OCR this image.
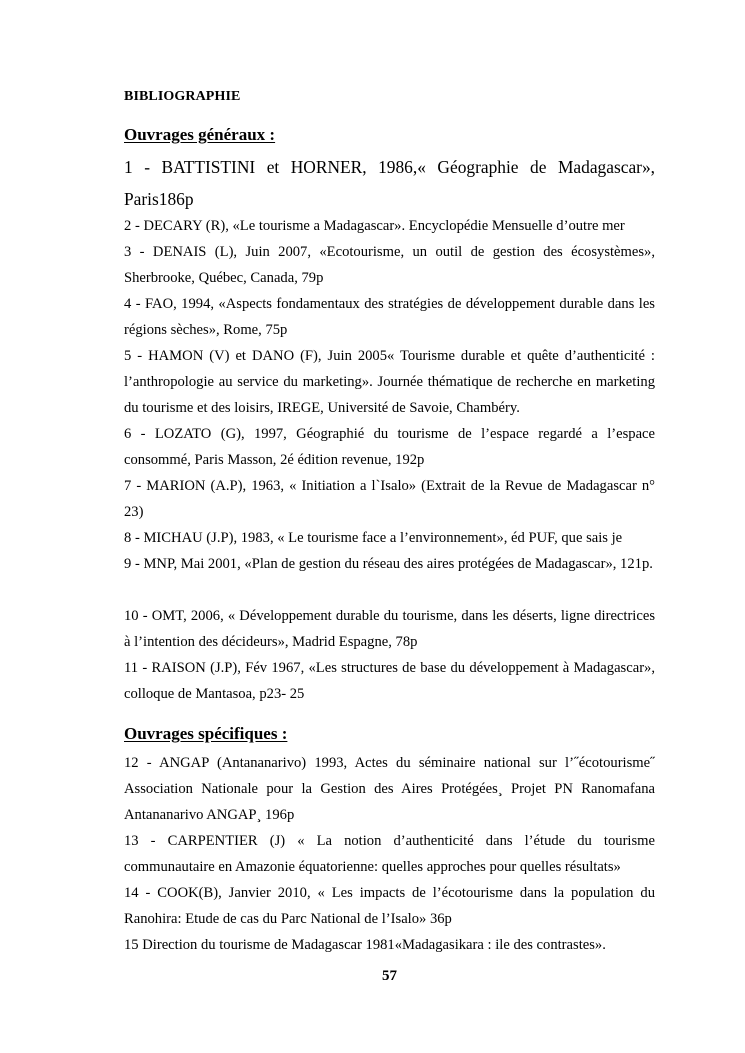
BIBLIOGRAPHIE
Ouvrages généraux :
1 - BATTISTINI et HORNER, 1986,« Géographie de Madagascar», Paris186p
2 - DECARY (R), «Le tourisme a Madagascar». Encyclopédie Mensuelle d’outre mer
3 - DENAIS (L), Juin 2007, «Ecotourisme, un outil de gestion des écosystèmes», Sherbrooke, Québec, Canada, 79p
4 - FAO, 1994, «Aspects fondamentaux des stratégies de développement durable dans les régions sèches», Rome, 75p
5 - HAMON (V) et DANO (F), Juin 2005« Tourisme durable et quête d’authenticité : l’anthropologie au service du marketing». Journée thématique de recherche en marketing du tourisme et des loisirs, IREGE, Université de Savoie, Chambéry.
6 - LOZATO (G), 1997, Géographié du tourisme de l’espace regardé a l’espace consommé, Paris Masson, 2é édition revenue, 192p
7 - MARION (A.P), 1963, « Initiation a l`Isalo» (Extrait de la Revue de Madagascar n° 23)
8 - MICHAU (J.P), 1983, « Le tourisme face a l’environnement», éd PUF, que sais je
9 - MNP, Mai 2001, «Plan de gestion du réseau des aires protégées de Madagascar», 121p.
10 - OMT, 2006, « Développement durable du tourisme, dans les déserts, ligne directrices à l’intention des décideurs», Madrid Espagne, 78p
11 - RAISON (J.P), Fév 1967, «Les structures de base du développement à Madagascar», colloque de Mantasoa, p23- 25
Ouvrages spécifiques :
12 - ANGAP (Antananarivo) 1993, Actes du séminaire national sur l’˝écotourisme˝ Association Nationale pour la Gestion des Aires Protégées¸ Projet PN Ranomafana Antananarivo ANGAP¸ 196p
13 - CARPENTIER (J) « La notion d’authenticité dans l’étude du tourisme communautaire en Amazonie équatorienne: quelles approches pour quelles résultats»
14 - COOK(B), Janvier 2010, « Les impacts de l’écotourisme dans la population du Ranohira: Etude de cas du Parc National de l’Isalo» 36p
15 Direction du tourisme de Madagascar 1981«Madagasikara : ile des contrastes».
57
